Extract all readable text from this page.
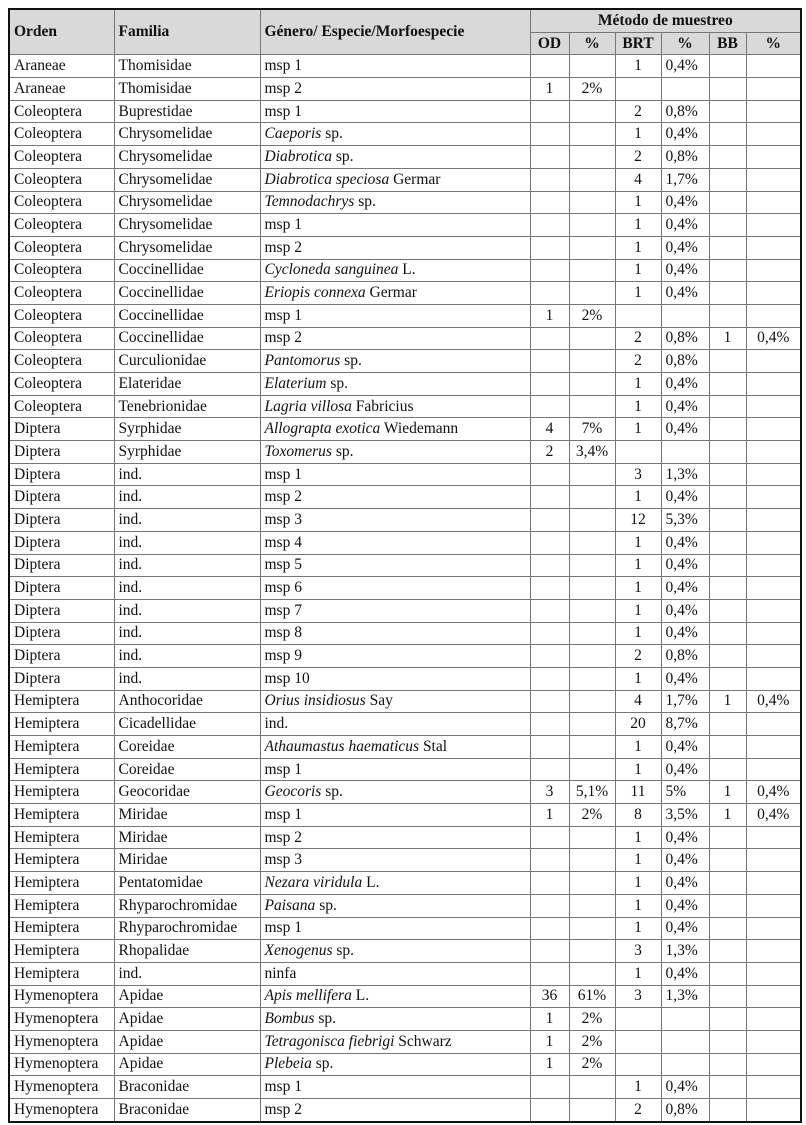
Orden	Familia	Género/ Especie/Morfoespecie	Método de muestreo					
			OD	%	BRT	%	BB	%
Araneae	Thomisidae	msp 1			1	0,4%		
Araneae	Thomisidae	msp 2	1	2%				
Coleoptera	Buprestidae	msp 1			2	0,8%		
Coleoptera	Chrysomelidae	Caeporis sp.			1	0,4%		
Coleoptera	Chrysomelidae	Diabrotica sp.			2	0,8%		
Coleoptera	Chrysomelidae	Diabrotica speciosa Germar			4	1,7%		
Coleoptera	Chrysomelidae	Temnodachrys sp.			1	0,4%		
Coleoptera	Chrysomelidae	msp 1			1	0,4%		
Coleoptera	Chrysomelidae	msp 2			1	0,4%		
Coleoptera	Coccinellidae	Cycloneda sanguinea L.			1	0,4%		
Coleoptera	Coccinellidae	Eriopis connexa Germar			1	0,4%		
Coleoptera	Coccinellidae	msp 1	1	2%				
Coleoptera	Coccinellidae	msp 2			2	0,8%	1	0,4%
Coleoptera	Curculionidae	Pantomorus sp.			2	0,8%		
Coleoptera	Elateridae	Elaterium sp.			1	0,4%		
Coleoptera	Tenebrionidae	Lagria villosa Fabricius			1	0,4%		
Diptera	Syrphidae	Allograpta exotica Wiedemann	4	7%	1	0,4%		
Diptera	Syrphidae	Toxomerus sp.	2	3,4%				
Diptera	ind.	msp 1			3	1,3%		
Diptera	ind.	msp 2			1	0,4%		
Diptera	ind.	msp 3			12	5,3%		
Diptera	ind.	msp 4			1	0,4%		
Diptera	ind.	msp 5			1	0,4%		
Diptera	ind.	msp 6			1	0,4%		
Diptera	ind.	msp 7			1	0,4%		
Diptera	ind.	msp 8			1	0,4%		
Diptera	ind.	msp 9			2	0,8%		
Diptera	ind.	msp 10			1	0,4%		
Hemiptera	Anthocoridae	Orius insidiosus Say			4	1,7%	1	0,4%
Hemiptera	Cicadellidae	ind.			20	8,7%		
Hemiptera	Coreidae	Athaumastus haematicus Stal			1	0,4%		
Hemiptera	Coreidae	msp 1			1	0,4%		
Hemiptera	Geocoridae	Geocoris sp.	3	5,1%	11	5%	1	0,4%
Hemiptera	Miridae	msp 1	1	2%	8	3,5%	1	0,4%
Hemiptera	Miridae	msp 2			1	0,4%		
Hemiptera	Miridae	msp 3			1	0,4%		
Hemiptera	Pentatomidae	Nezara viridula L.			1	0,4%		
Hemiptera	Rhyparochromidae	Paisana sp.			1	0,4%		
Hemiptera	Rhyparochromidae	msp 1			1	0,4%		
Hemiptera	Rhopalidae	Xenogenus sp.			3	1,3%		
Hemiptera	ind.	ninfa			1	0,4%		
Hymenoptera	Apidae	Apis mellifera L.	36	61%	3	1,3%		
Hymenoptera	Apidae	Bombus sp.	1	2%				
Hymenoptera	Apidae	Tetragonisca fiebrigi Schwarz	1	2%				
Hymenoptera	Apidae	Plebeia sp.	1	2%				
Hymenoptera	Braconidae	msp 1			1	0,4%		
Hymenoptera	Braconidae	msp 2			2	0,8%		
